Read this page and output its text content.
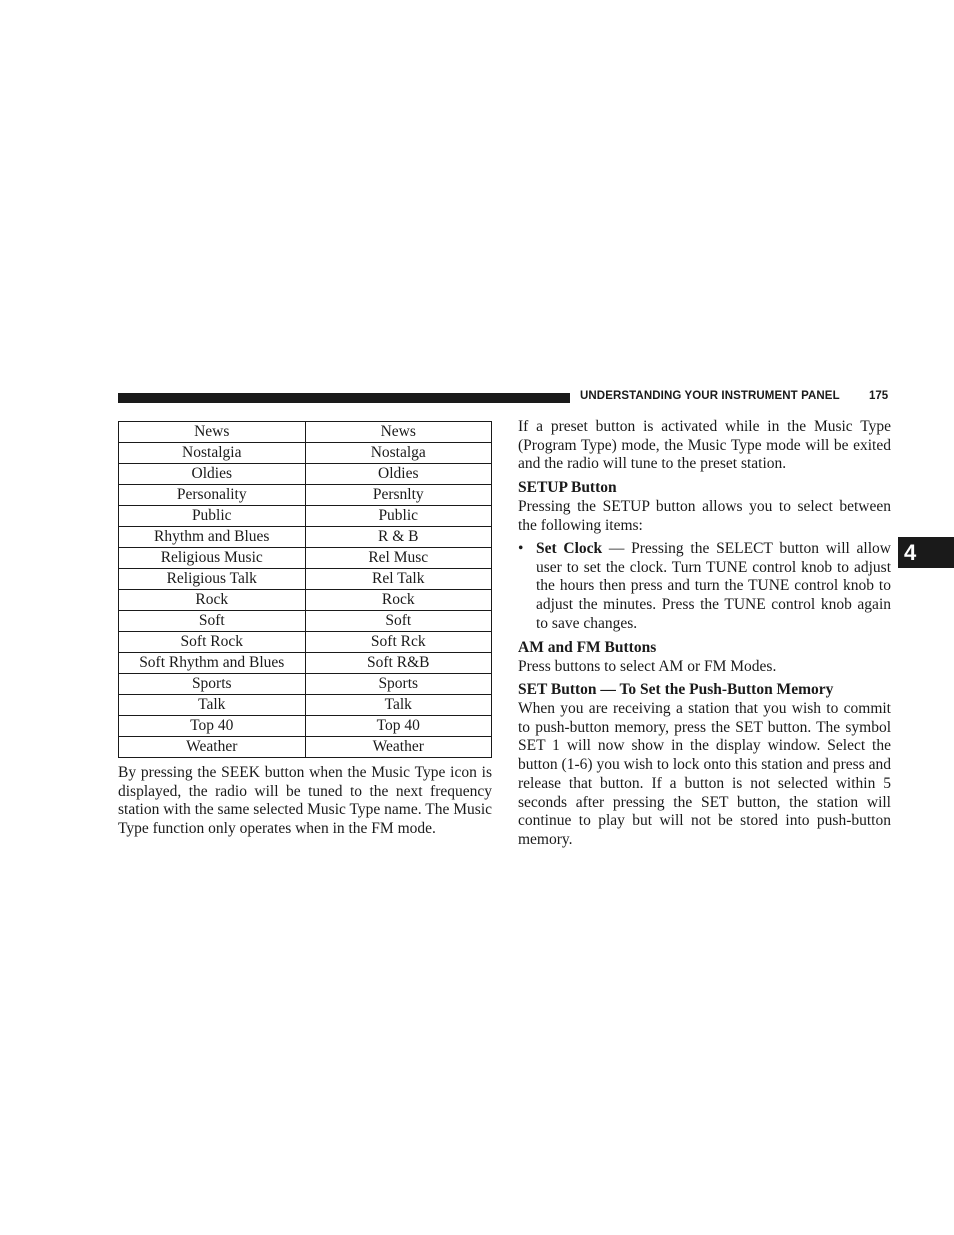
UNDERSTANDING YOUR INSTRUMENT PANEL	175
4
News	News
Nostalgia	Nostalga
Oldies	Oldies
Personality	Persnlty
Public	Public
Rhythm and Blues	R & B
Religious Music	Rel Musc
Religious Talk	Rel Talk
Rock	Rock
Soft	Soft
Soft Rock	Soft Rck
Soft Rhythm and Blues	Soft R&B
Sports	Sports
Talk	Talk
Top 40	Top 40
Weather	Weather

By pressing the SEEK button when the Music Type icon is displayed, the radio will be tuned to the next frequency station with the same selected Music Type name. The Music Type function only operates when in the FM mode.

If a preset button is activated while in the Music Type (Program Type) mode, the Music Type mode will be exited and the radio will tune to the preset station.

SETUP Button

Pressing the SETUP button allows you to select between the following items:

• Set Clock — Pressing the SELECT button will allow user to set the clock. Turn TUNE control knob to adjust the hours then press and turn the TUNE control knob to adjust the minutes. Press the TUNE control knob again to save changes.

AM and FM Buttons

Press buttons to select AM or FM Modes.

SET Button — To Set the Push-Button Memory

When you are receiving a station that you wish to commit to push-button memory, press the SET button. The symbol SET 1 will now show in the display window. Select the button (1-6) you wish to lock onto this station and press and release that button. If a button is not selected within 5 seconds after pressing the SET button, the station will continue to play but will not be stored into push-button memory.
